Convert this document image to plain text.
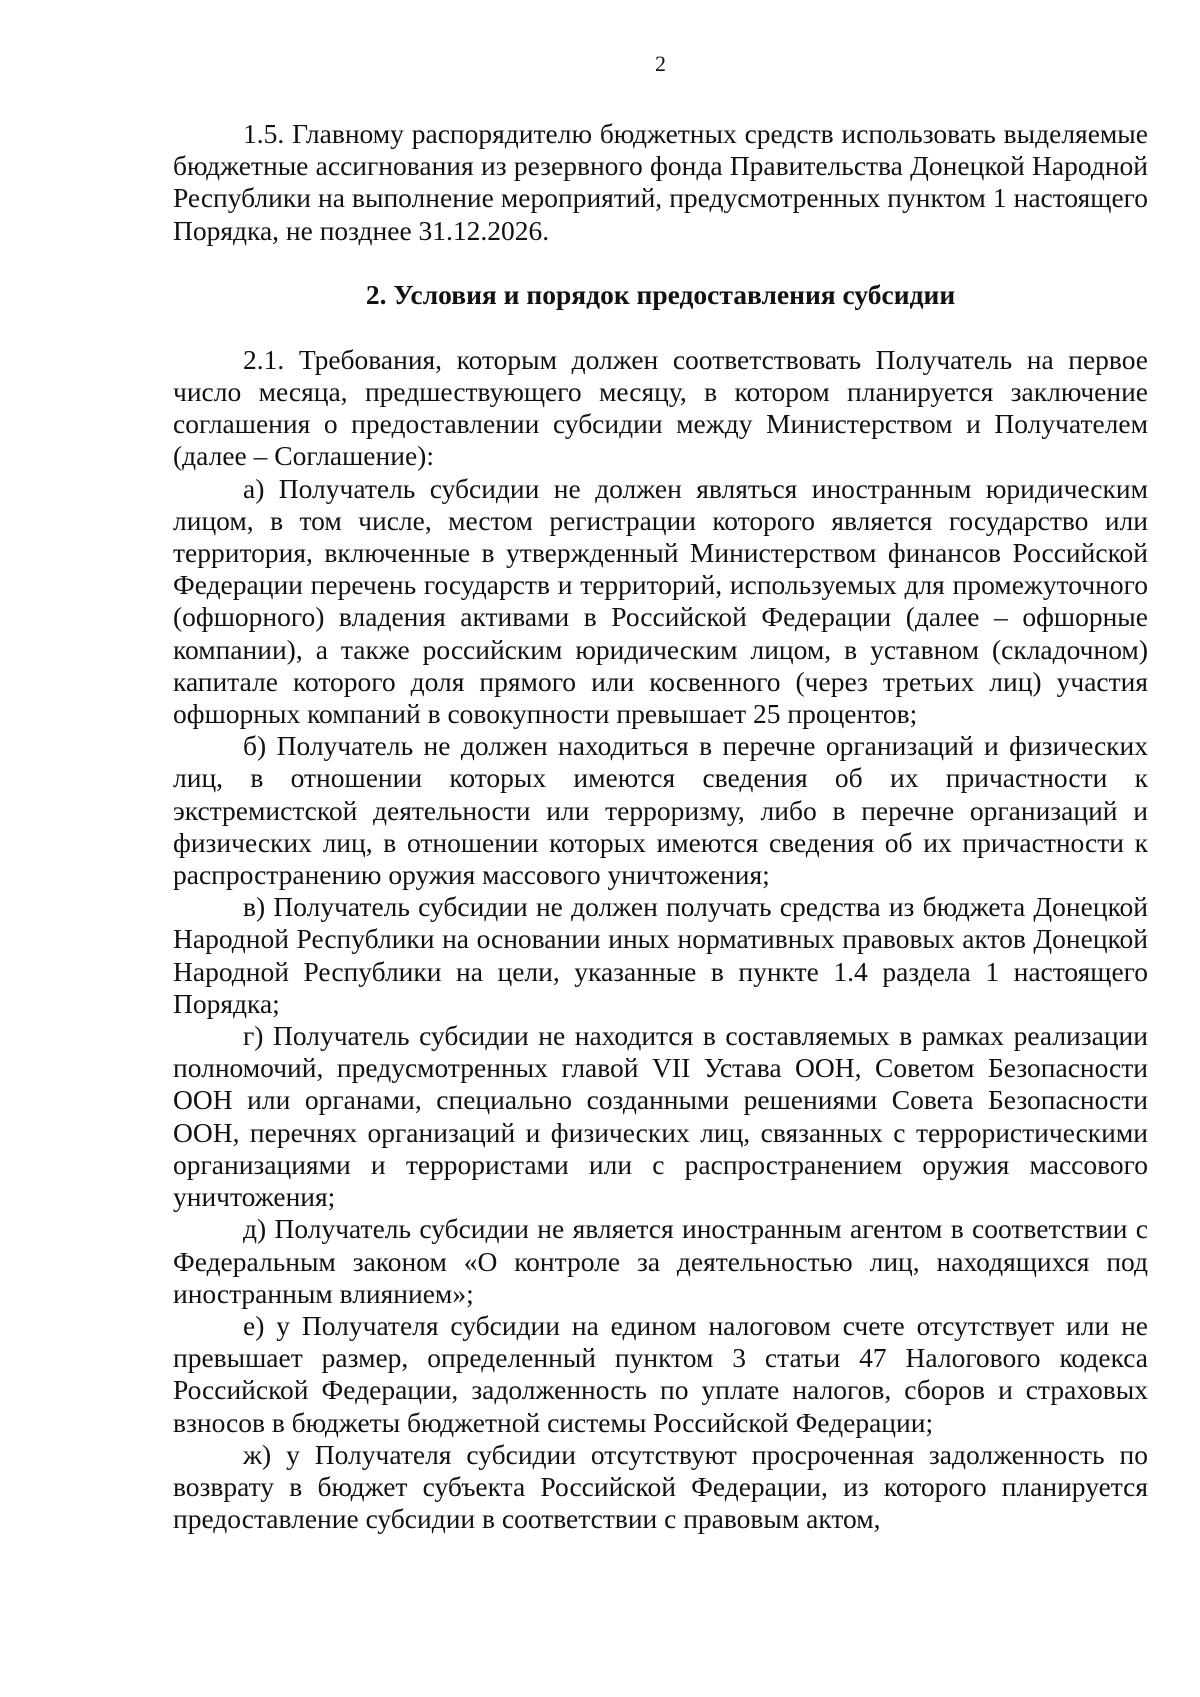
2

1.5. Главному распорядителю бюджетных средств использовать выделяемые бюджетные ассигнования из резервного фонда Правительства Донецкой Народной Республики на выполнение мероприятий, предусмотренных пунктом 1 настоящего Порядка, не позднее 31.12.2026.

2. Условия и порядок предоставления субсидии

2.1. Требования, которым должен соответствовать Получатель на первое число месяца, предшествующего месяцу, в котором планируется заключение соглашения о предоставлении субсидии между Министерством и Получателем (далее – Соглашение):

а) Получатель субсидии не должен являться иностранным юридическим лицом, в том числе, местом регистрации которого является государство или территория, включенные в утвержденный Министерством финансов Российской Федерации перечень государств и территорий, используемых для промежуточного (офшорного) владения активами в Российской Федерации (далее – офшорные компании), а также российским юридическим лицом, в уставном (складочном) капитале которого доля прямого или косвенного (через третьих лиц) участия офшорных компаний в совокупности превышает 25 процентов;

б) Получатель не должен находиться в перечне организаций и физических лиц, в отношении которых имеются сведения об их причастности к экстремистской деятельности или терроризму, либо в перечне организаций и физических лиц, в отношении которых имеются сведения об их причастности к распространению оружия массового уничтожения;

в) Получатель субсидии не должен получать средства из бюджета Донецкой Народной Республики на основании иных нормативных правовых актов Донецкой Народной Республики на цели, указанные в пункте 1.4 раздела 1 настоящего Порядка;

г) Получатель субсидии не находится в составляемых в рамках реализации полномочий, предусмотренных главой VII Устава ООН, Советом Безопасности ООН или органами, специально созданными решениями Совета Безопасности ООН, перечнях организаций и физических лиц, связанных с террористическими организациями и террористами или с распространением оружия массового уничтожения;

д) Получатель субсидии не является иностранным агентом в соответствии с Федеральным законом «О контроле за деятельностью лиц, находящихся под иностранным влиянием»;

е) у Получателя субсидии на едином налоговом счете отсутствует или не превышает размер, определенный пунктом 3 статьи 47 Налогового кодекса Российской Федерации, задолженность по уплате налогов, сборов и страховых взносов в бюджеты бюджетной системы Российской Федерации;

ж) у Получателя субсидии отсутствуют просроченная задолженность по возврату в бюджет субъекта Российской Федерации, из которого планируется предоставление субсидии в соответствии с правовым актом,
